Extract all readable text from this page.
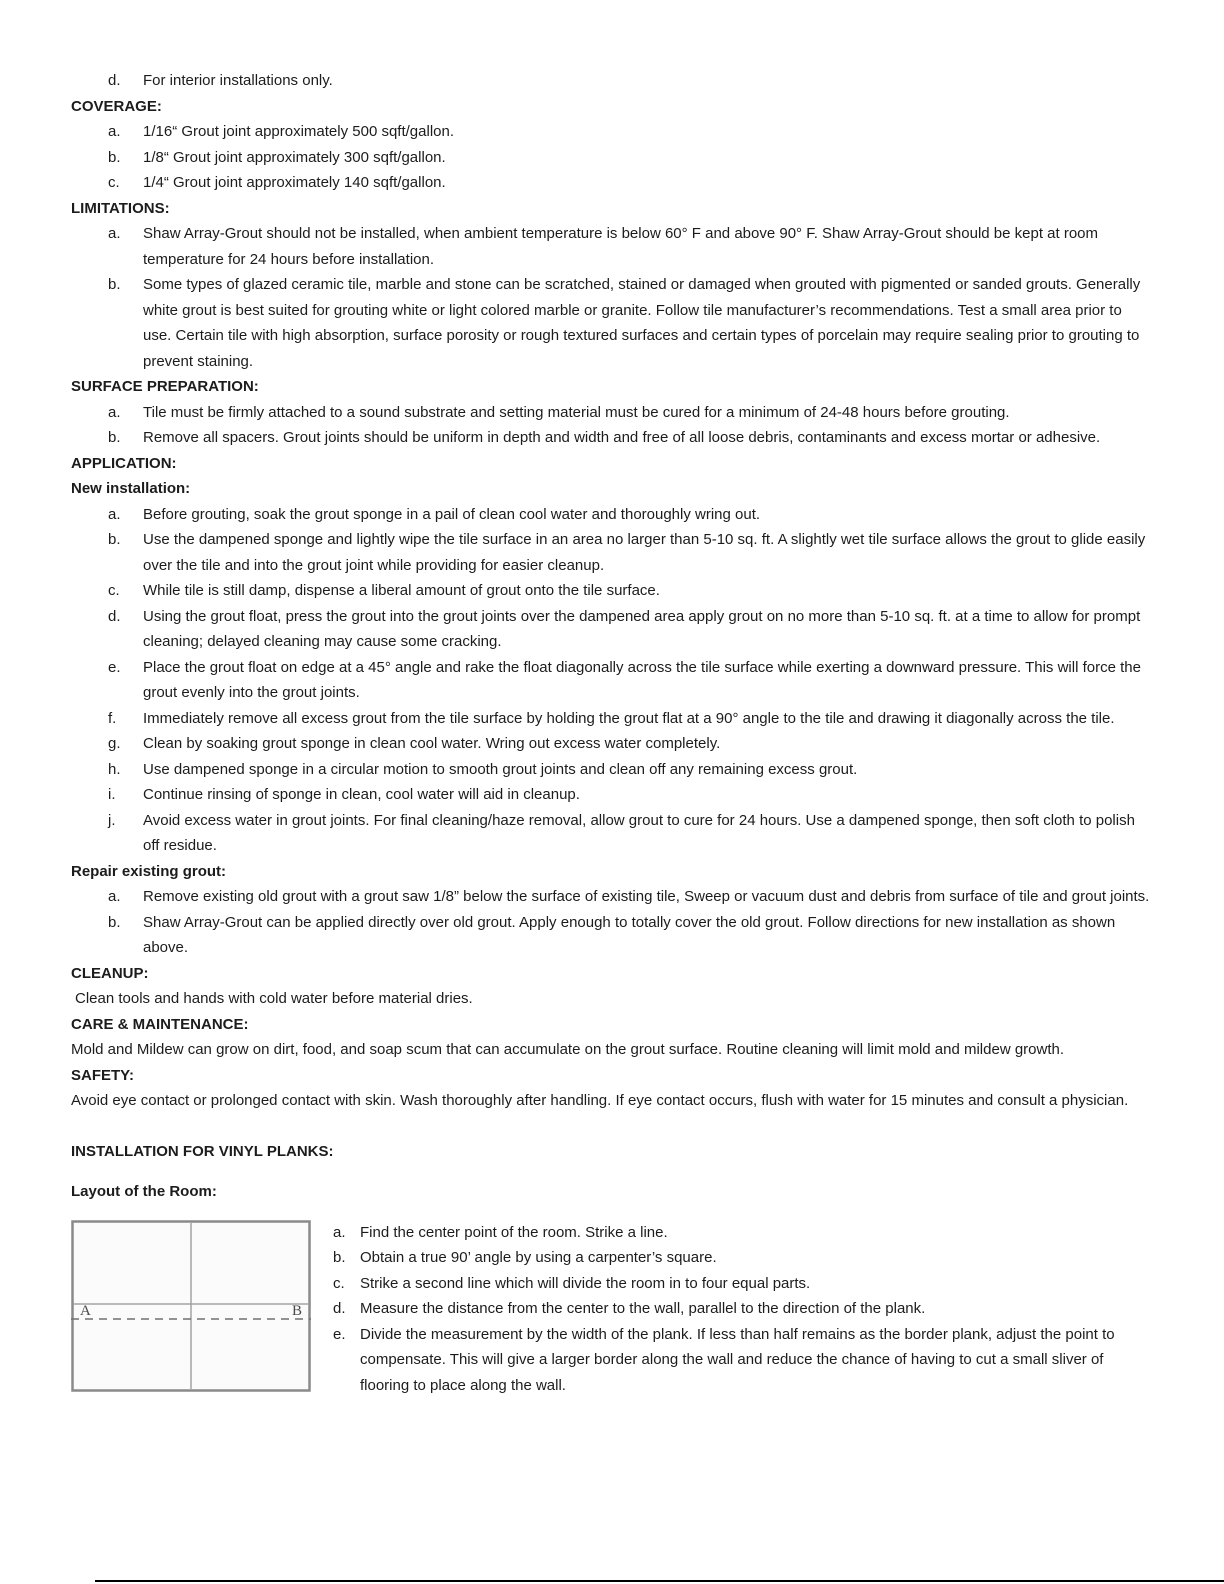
d. For interior installations only.
COVERAGE:
a. 1/16“ Grout joint approximately 500 sqft/gallon.
b. 1/8“ Grout joint approximately 300 sqft/gallon.
c. 1/4“ Grout joint approximately 140 sqft/gallon.
LIMITATIONS:
a. Shaw Array-Grout should not be installed, when ambient temperature is below 60° F and above 90° F. Shaw Array-Grout should be kept at room temperature for 24 hours before installation.
b. Some types of glazed ceramic tile, marble and stone can be scratched, stained or damaged when grouted with pigmented or sanded grouts. Generally white grout is best suited for grouting white or light colored marble or granite. Follow tile manufacturer’s recommendations. Test a small area prior to use. Certain tile with high absorption, surface porosity or rough textured surfaces and certain types of porcelain may require sealing prior to grouting to prevent staining.
SURFACE PREPARATION:
a. Tile must be firmly attached to a sound substrate and setting material must be cured for a minimum of 24-48 hours before grouting.
b. Remove all spacers. Grout joints should be uniform in depth and width and free of all loose debris, contaminants and excess mortar or adhesive.
APPLICATION:
New installation:
a. Before grouting, soak the grout sponge in a pail of clean cool water and thoroughly wring out.
b. Use the dampened sponge and lightly wipe the tile surface in an area no larger than 5-10 sq. ft. A slightly wet tile surface allows the grout to glide easily over the tile and into the grout joint while providing for easier cleanup.
c. While tile is still damp, dispense a liberal amount of grout onto the tile surface.
d. Using the grout float, press the grout into the grout joints over the dampened area apply grout on no more than 5-10 sq. ft. at a time to allow for prompt cleaning; delayed cleaning may cause some cracking.
e. Place the grout float on edge at a 45° angle and rake the float diagonally across the tile surface while exerting a downward pressure. This will force the grout evenly into the grout joints.
f. Immediately remove all excess grout from the tile surface by holding the grout flat at a 90° angle to the tile and drawing it diagonally across the tile.
g. Clean by soaking grout sponge in clean cool water. Wring out excess water completely.
h. Use dampened sponge in a circular motion to smooth grout joints and clean off any remaining excess grout.
i. Continue rinsing of sponge in clean, cool water will aid in cleanup.
j. Avoid excess water in grout joints. For final cleaning/haze removal, allow grout to cure for 24 hours. Use a dampened sponge, then soft cloth to polish off residue.
Repair existing grout:
a. Remove existing old grout with a grout saw 1/8” below the surface of existing tile, Sweep or vacuum dust and debris from surface of tile and grout joints.
b. Shaw Array-Grout can be applied directly over old grout. Apply enough to totally cover the old grout. Follow directions for new installation as shown above.
CLEANUP:
Clean tools and hands with cold water before material dries.
CARE & MAINTENANCE:
Mold and Mildew can grow on dirt, food, and soap scum that can accumulate on the grout surface. Routine cleaning will limit mold and mildew growth.
SAFETY:
Avoid eye contact or prolonged contact with skin. Wash thoroughly after handling. If eye contact occurs, flush with water for 15 minutes and consult a physician.
INSTALLATION FOR VINYL PLANKS:
Layout of the Room:
A	B
a. Find the center point of the room. Strike a line.
b. Obtain a true 90’ angle by using a carpenter’s square.
c. Strike a second line which will divide the room in to four equal parts.
d. Measure the distance from the center to the wall, parallel to the direction of the plank.
e. Divide the measurement by the width of the plank. If less than half remains as the border plank, adjust the point to compensate. This will give a larger border along the wall and reduce the chance of having to cut a small sliver of flooring to place along the wall.
